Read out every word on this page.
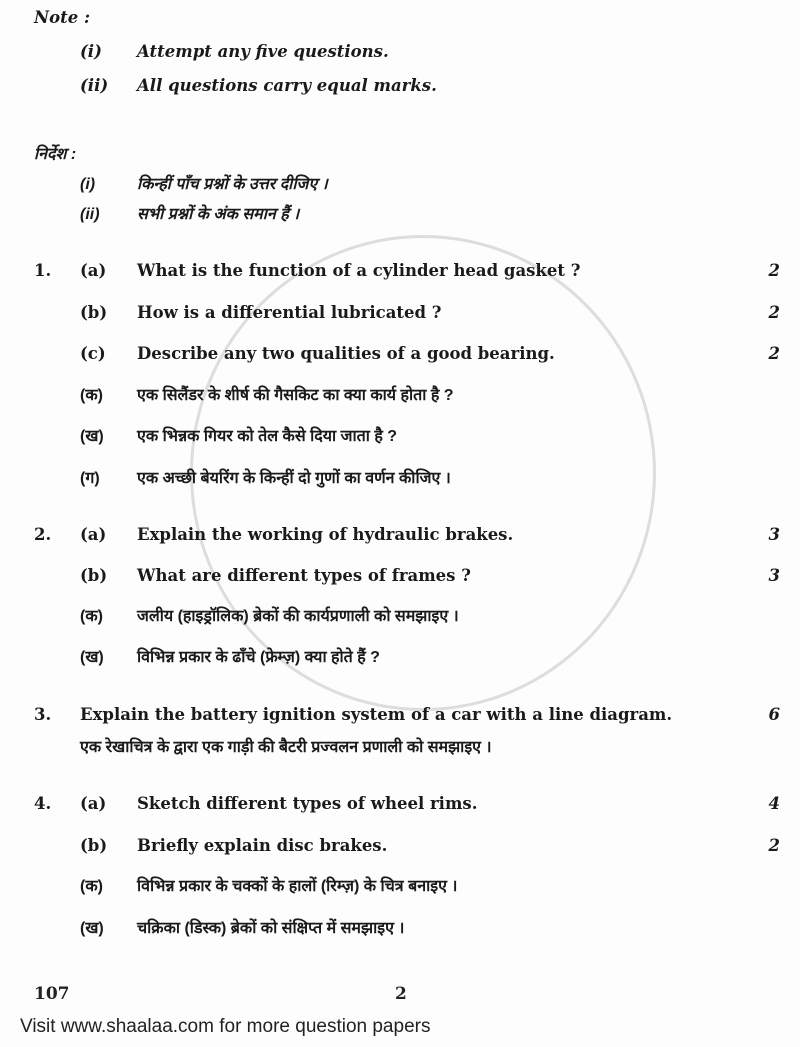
Note :
(i) Attempt any five questions.
(ii) All questions carry equal marks.
निर्देश :
(i)	किन्हीं पाँच प्रश्नों के उत्तर दीजिए ।
(ii) सभी प्रश्नों के अंक समान हैं ।
1. (a) What is the function of a cylinder head gasket ?	2
(b) How is a differential lubricated ?	2
(c) Describe any two qualities of a good bearing.	2
(क) एक सिलैंडर के शीर्ष की गैसकिट का क्या कार्य होता है ?
(ख) एक भिन्नक गियर को तेल कैसे दिया जाता है ?
(ग) एक अच्छी बेयरिंग के किन्हीं दो गुणों का वर्णन कीजिए ।
2. (a) Explain the working of hydraulic brakes.	3
(b) What are different types of frames ?	3
(क) जलीय (हाइड्रॉलिक) ब्रेकों की कार्यप्रणाली को समझाइए ।
(ख) विभिन्न प्रकार के ढाँचे (फ्रेम्ज़) क्या होते हैं ?
3. Explain the battery ignition system of a car with a line diagram.	6
एक रेखाचित्र के द्वारा एक गाड़ी की बैटरी प्रज्वलन प्रणाली को समझाइए ।
4. (a) Sketch different types of wheel rims.	4
(b) Briefly explain disc brakes.	2
(क) विभिन्न प्रकार के चक्कों के हालों (रिम्ज़) के चित्र बनाइए ।
(ख) चक्रिका (डिस्क) ब्रेकों को संक्षिप्त में समझाइए ।
107	2
Visit www.shaalaa.com for more question papers
